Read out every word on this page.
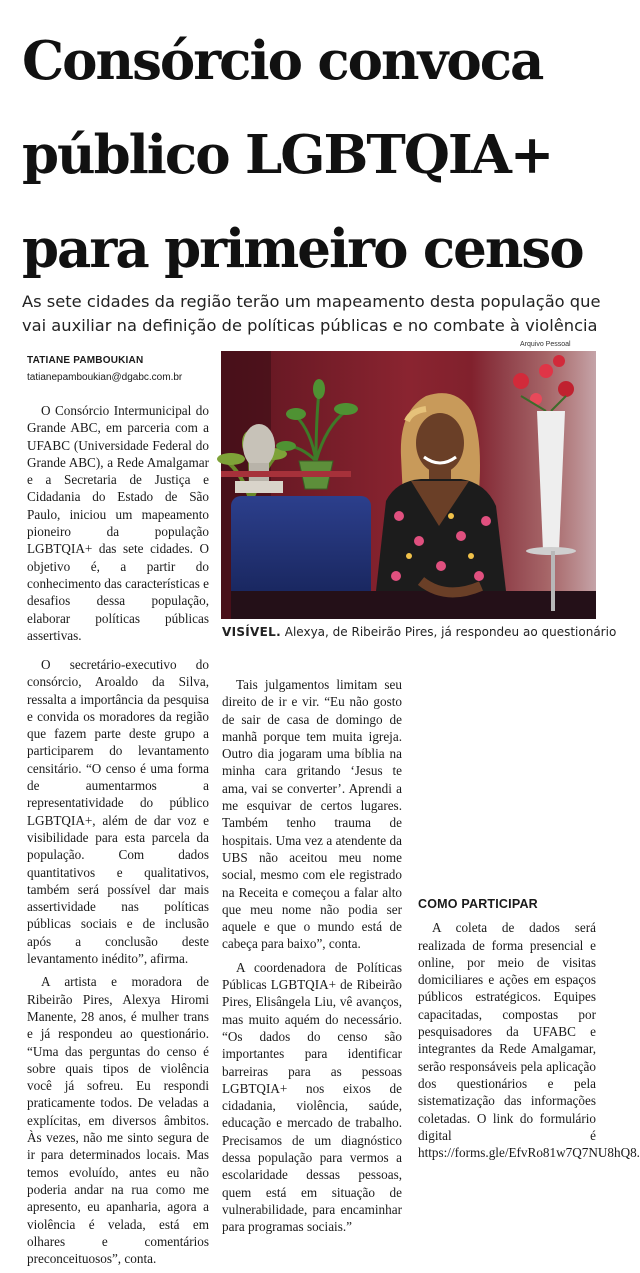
Consórcio convoca
público LGBTQIA+
para primeiro censo
As sete cidades da região terão um mapeamento desta população que
vai auxiliar na definição de políticas públicas e no combate à violência
TATIANE PAMBOUKIAN
tatianepamboukian@dgabc.com.br
Arquivo Pessoal
VISÍVEL. Alexya, de Ribeirão Pires, já respondeu ao questionário

O Consórcio Intermunicipal do Grande ABC, em parceria com a UFABC (Universidade Federal do Grande ABC), a Rede Amalgamar e a Secretaria de Justiça e Cidadania do Estado de São Paulo, iniciou um mapeamento pioneiro da população LGBTQIA+ das sete cidades. O objetivo é, a partir do conhecimento das características e desafios dessa população, elaborar políticas públicas assertivas.

O secretário-executivo do consórcio, Aroaldo da Silva, ressalta a importância da pesquisa e convida os moradores da região que fazem parte deste grupo a participarem do levantamento censitário. “O censo é uma forma de aumentarmos a representatividade do público LGBTQIA+, além de dar voz e visibilidade para esta parcela da população. Com dados quantitativos e qualitativos, também será possível dar mais assertividade nas políticas públicas sociais e de inclusão após a conclusão deste levantamento inédito”, afirma.

A artista e moradora de Ribeirão Pires, Alexya Hiromi Manente, 28 anos, é mulher trans e já respondeu ao questionário. “Uma das perguntas do censo é sobre quais tipos de violência você já sofreu. Eu respondi praticamente todos. De veladas a explícitas, em diversos âmbitos. Às vezes, não me sinto segura de ir para determinados locais. Mas temos evoluído, antes eu não poderia andar na rua como me apresento, eu apanharia, agora a violência é velada, está em olhares e comentários preconceituosos”, conta.

Tais julgamentos limitam seu direito de ir e vir. “Eu não gosto de sair de casa de domingo de manhã porque tem muita igreja. Outro dia jogaram uma bíblia na minha cara gritando ‘Jesus te ama, vai se converter’. Aprendi a me esquivar de certos lugares. Também tenho trauma de hospitais. Uma vez a atendente da UBS não aceitou meu nome social, mesmo com ele registrado na Receita e começou a falar alto que meu nome não podia ser aquele e que o mundo está de cabeça para baixo”, conta.

A coordenadora de Políticas Públicas LGBTQIA+ de Ribeirão Pires, Elisângela Liu, vê avanços, mas muito aquém do necessário. “Os dados do censo são importantes para identificar barreiras para as pessoas LGBTQIA+ nos eixos de cidadania, violência, saúde, educação e mercado de trabalho. Precisamos de um diagnóstico dessa população para vermos a escolaridade dessas pessoas, quem está em situação de vulnerabilidade, para encaminhar para programas sociais.”

COMO PARTICIPAR

A coleta de dados será realizada de forma presencial e online, por meio de visitas domiciliares e ações em espaços públicos estratégicos. Equipes capacitadas, compostas por pesquisadores da UFABC e integrantes da Rede Amalgamar, serão responsáveis pela aplicação dos questionários e pela sistematização das informações coletadas. O link do formulário digital é https://forms.gle/EfvRo81w7Q7NU8hQ8.
